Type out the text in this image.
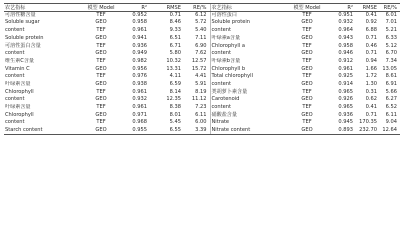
农艺指标	模型 Model	R²	RMSE	RE/%	农艺指标	模型 Model	R²	RMSE	RE/%
可溶性糖含量	TEF	0.952	0.71	6.12	可溶性蛋白	TEF	0.951	0.41	6.01
Soluble sugar	GEO	0.958	8.46	5.72	Soluble protein	GEO	0.932	0.92	7.01
content	TEF	0.961	9.33	5.40	content	TEF	0.964	6.88	5.21
Soluble protein	GEO	0.941	6.51	7.11	叶绿素a含量	GEO	0.943	0.71	6.33
可溶性蛋白含量	TEF	0.936	6.71	6.90	Chlorophyll a	TEF	0.958	0.46	5.12
content	GEO	0.949	5.80	7.62	content	GEO	0.946	0.71	6.70
维生素C含量	TEF	0.982	10.32	12.57	叶绿素b含量	TEF	0.912	0.94	7.34
Vitamin C	GEO	0.956	13.31	15.72	Chlorophyll b	GEO	0.961	1.66	13.05
content	TEF	0.976	4.11	4.41	Total chlorophyll	TEF	0.925	1.72	8.61
叶绿素含量	GEO	0.938	6.59	5.91	content	GEO	0.914	1.30	6.91
Chlorophyll	TEF	0.961	8.14	8.19	类胡萝卜素含量	TEF	0.965	0.31	5.66
content	GEO	0.932	12.35	11.12	Carotenoid	GEO	0.926	0.62	6.27
叶绿素含量	TEF	0.961	8.38	7.23	content	TEF	0.965	0.41	6.52
Chlorophyll	GEO	0.971	8.01	6.11	硝酸盐含量	GEO	0.936	0.71	6.11
content	TEF	0.968	5.45	6.00	Nitrate	TEF	0.945	170.35	9.04
Starch content	GEO	0.955	6.55	3.39	Nitrate content	GEO	0.893	232.70	12.64
